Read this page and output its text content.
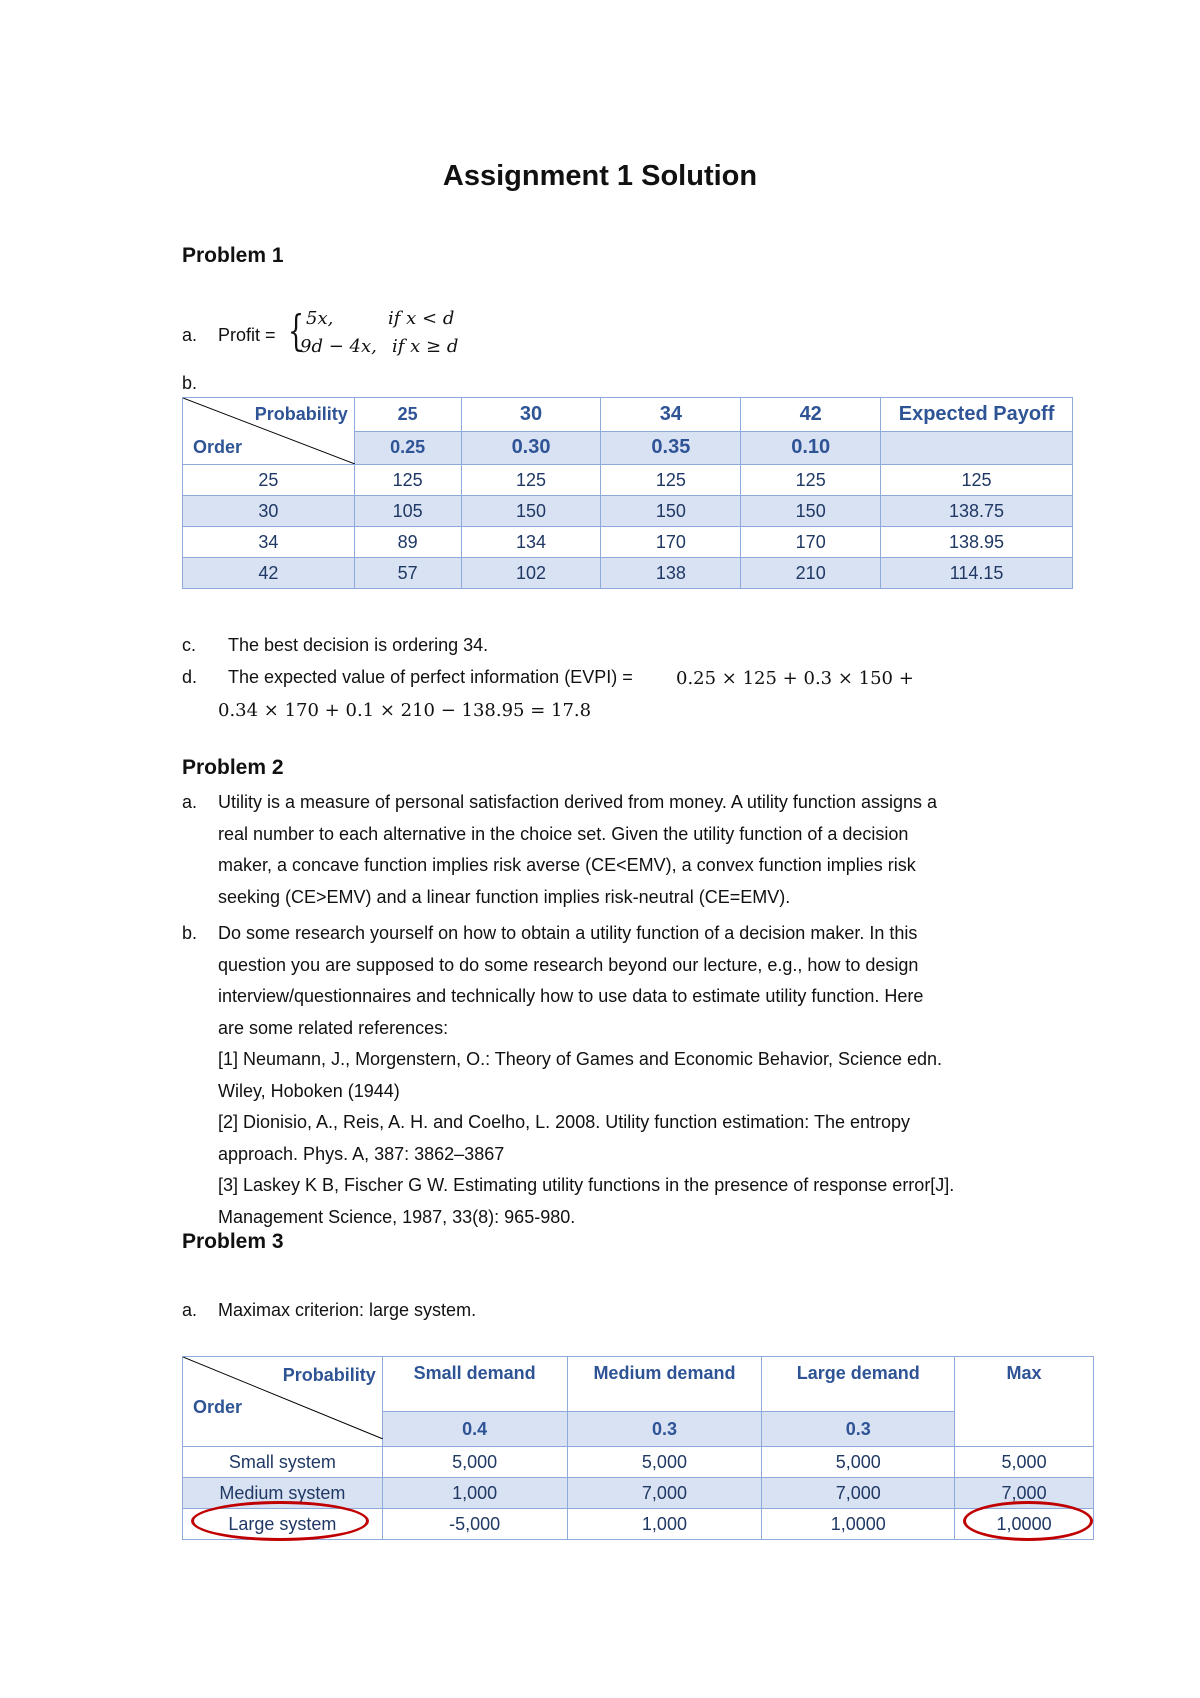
Assignment 1 Solution
Problem 1
a. Profit = { 5x,	if x < d
9d − 4x, if x ≥ d
b.
Probability
Order	25	30	34	42	Expected Payoff
	0.25	0.30	0.35	0.10	
25	125	125	125	125	125
30	105	150	150	150	138.75
34	89	134	170	170	138.95
42	57	102	138	210	114.15
c. The best decision is ordering 34.
d. The expected value of perfect information (EVPI) = 0.25 × 125 + 0.3 × 150 +
0.34 × 170 + 0.1 × 210 − 138.95 = 17.8
Problem 2
a. Utility is a measure of personal satisfaction derived from money. A utility function assigns a
real number to each alternative in the choice set. Given the utility function of a decision
maker, a concave function implies risk averse (CE<EMV), a convex function implies risk
seeking (CE>EMV) and a linear function implies risk-neutral (CE=EMV).
b. Do some research yourself on how to obtain a utility function of a decision maker. In this
question you are supposed to do some research beyond our lecture, e.g., how to design
interview/questionnaires and technically how to use data to estimate utility function. Here
are some related references:
[1] Neumann, J., Morgenstern, O.: Theory of Games and Economic Behavior, Science edn.
Wiley, Hoboken (1944)
[2] Dionisio, A., Reis, A. H. and Coelho, L. 2008. Utility function estimation: The entropy
approach. Phys. A, 387: 3862–3867
[3] Laskey K B, Fischer G W. Estimating utility functions in the presence of response error[J].
Management Science, 1987, 33(8): 965-980.
Problem 3
a. Maximax criterion: large system.
Probability
Order	Small demand	Medium demand	Large demand	Max
	0.4	0.3	0.3	
Small system	5,000	5,000	5,000	5,000
Medium system	1,000	7,000	7,000	7,000
Large system	-5,000	1,000	1,0000	1,0000
